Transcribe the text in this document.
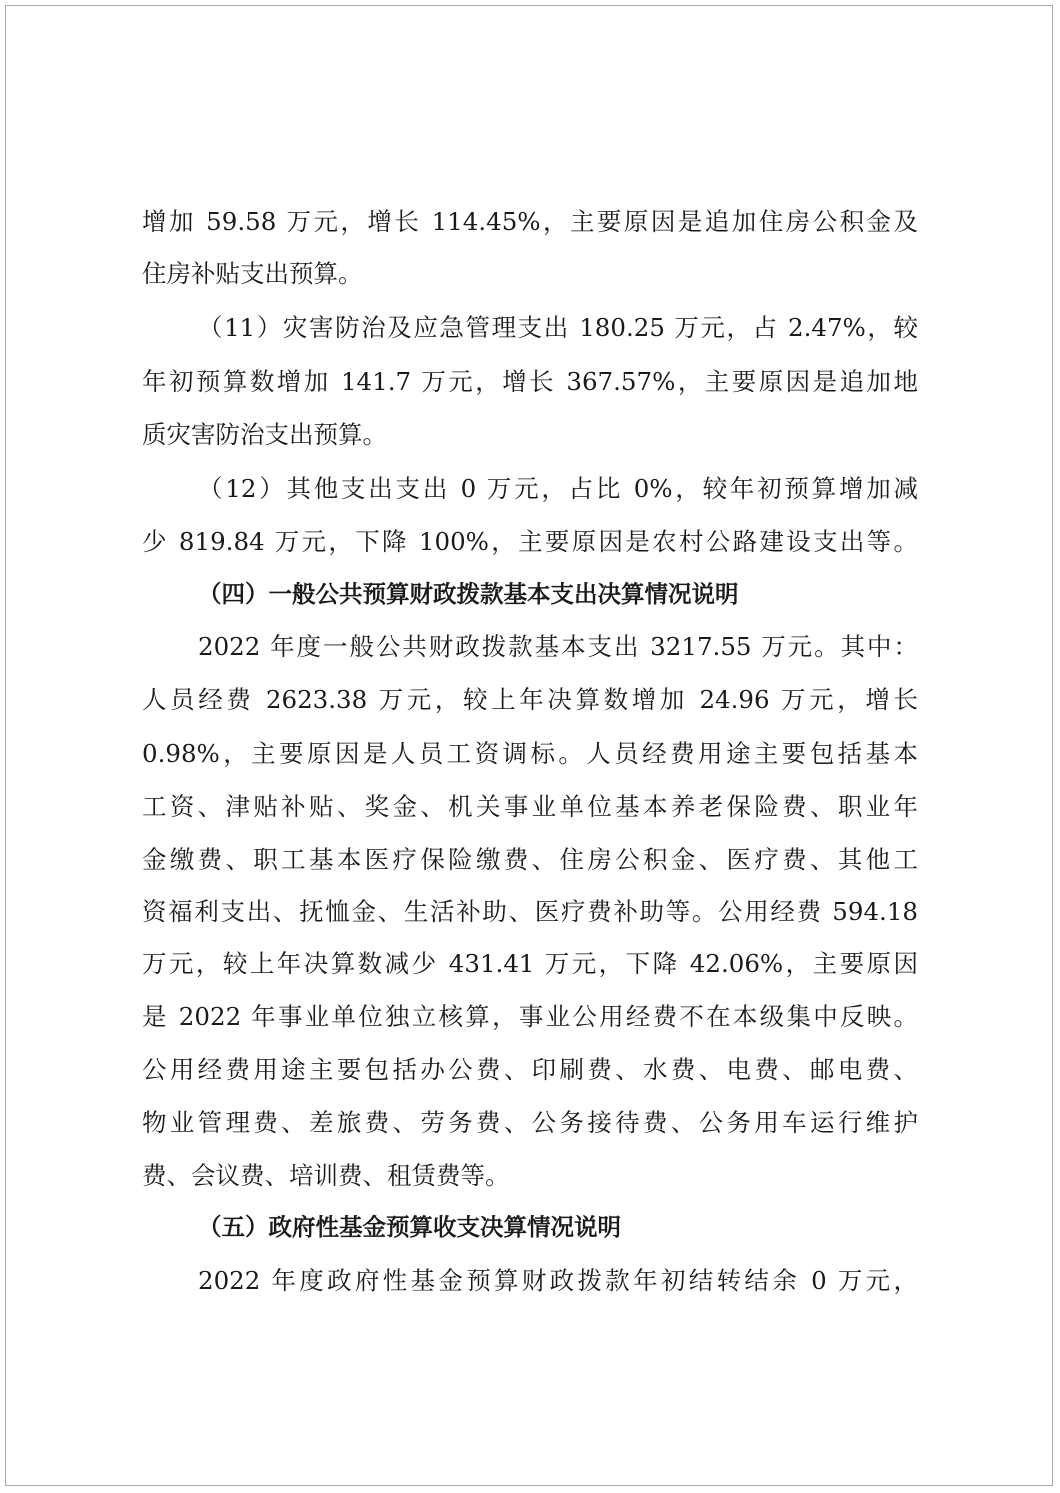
增加 59.58 万元，增长 114.45%，主要原因是追加住房公积金及
住房补贴支出预算。
（11）灾害防治及应急管理支出 180.25 万元，占 2.47%，较
年初预算数增加 141.7 万元，增长 367.57%，主要原因是追加地
质灾害防治支出预算。
（12）其他支出支出 0 万元，占比 0%，较年初预算增加减
少 819.84 万元，下降 100%，主要原因是农村公路建设支出等。
（四）一般公共预算财政拨款基本支出决算情况说明
2022 年度一般公共财政拨款基本支出 3217.55 万元。其中：
人员经费 2623.38 万元，较上年决算数增加 24.96 万元，增长
0.98%，主要原因是人员工资调标。人员经费用途主要包括基本
工资、津贴补贴、奖金、机关事业单位基本养老保险费、职业年
金缴费、职工基本医疗保险缴费、住房公积金、医疗费、其他工
资福利支出、抚恤金、生活补助、医疗费补助等。公用经费 594.18
万元，较上年决算数减少 431.41 万元，下降 42.06%，主要原因
是 2022 年事业单位独立核算，事业公用经费不在本级集中反映。
公用经费用途主要包括办公费、印刷费、水费、电费、邮电费、
物业管理费、差旅费、劳务费、公务接待费、公务用车运行维护
费、会议费、培训费、租赁费等。
（五）政府性基金预算收支决算情况说明
2022 年度政府性基金预算财政拨款年初结转结余 0 万元，
